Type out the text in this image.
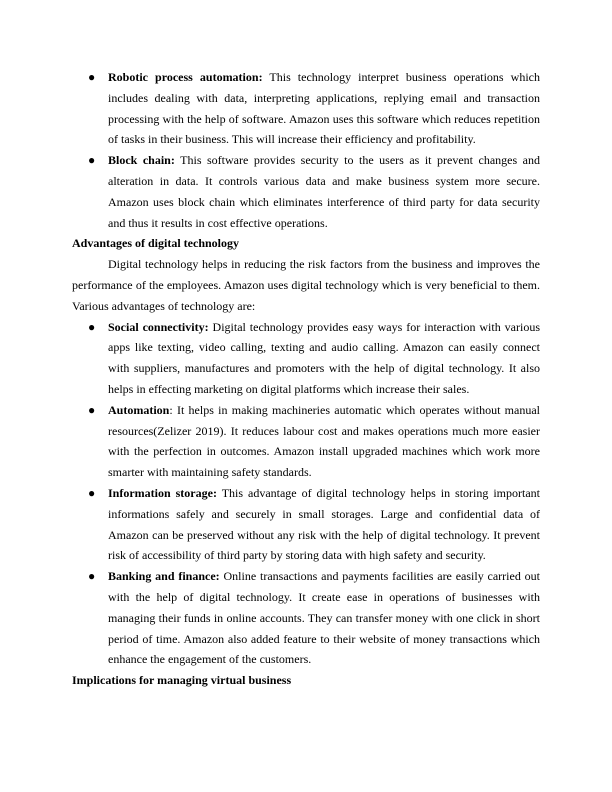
● Robotic process automation: This technology interpret business operations which includes dealing with data, interpreting applications, replying email and transaction processing with the help of software. Amazon uses this software which reduces repetition of tasks in their business. This will increase their efficiency and profitability.
● Block chain: This software provides security to the users as it prevent changes and alteration in data. It controls various data and make business system more secure. Amazon uses block chain which eliminates interference of third party for data security and thus it results in cost effective operations.

Advantages of digital technology

Digital technology helps in reducing the risk factors from the business and improves the performance of the employees. Amazon uses digital technology which is very beneficial to them. Various advantages of technology are:

● Social connectivity: Digital technology provides easy ways for interaction with various apps like texting, video calling, texting and audio calling. Amazon can easily connect with suppliers, manufactures and promoters with the help of digital technology. It also helps in effecting marketing on digital platforms which increase their sales.
● Automation: It helps in making machineries automatic which operates without manual resources(Zelizer 2019). It reduces labour cost and makes operations much more easier with the perfection in outcomes. Amazon install upgraded machines which work more smarter with maintaining safety standards.
● Information storage: This advantage of digital technology helps in storing important informations safely and securely in small storages. Large and confidential data of Amazon can be preserved without any risk with the help of digital technology. It prevent risk of accessibility of third party by storing data with high safety and security.
● Banking and finance: Online transactions and payments facilities are easily carried out with the help of digital technology. It create ease in operations of businesses with managing their funds in online accounts. They can transfer money with one click in short period of time. Amazon also added feature to their website of money transactions which enhance the engagement of the customers.

Implications for managing virtual business
